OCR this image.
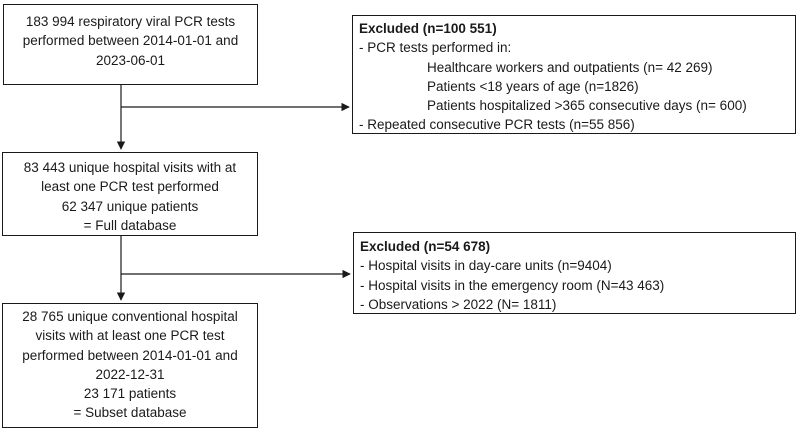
183 994 respiratory viral PCR tests
performed between 2014-01-01 and
2023-06-01
Excluded (n=100 551)
- PCR tests performed in:
Healthcare workers and outpatients (n= 42 269)
Patients <18 years of age (n=1826)
Patients hospitalized >365 consecutive days (n= 600)
- Repeated consecutive PCR tests (n=55 856)
83 443 unique hospital visits with at
least one PCR test performed
62 347 unique patients
= Full database
Excluded (n=54 678)
- Hospital visits in day-care units (n=9404)
- Hospital visits in the emergency room (N=43 463)
- Observations > 2022 (N= 1811)
28 765 unique conventional hospital
visits with at least one PCR test
performed between 2014-01-01 and
2022-12-31
23 171 patients
= Subset database
